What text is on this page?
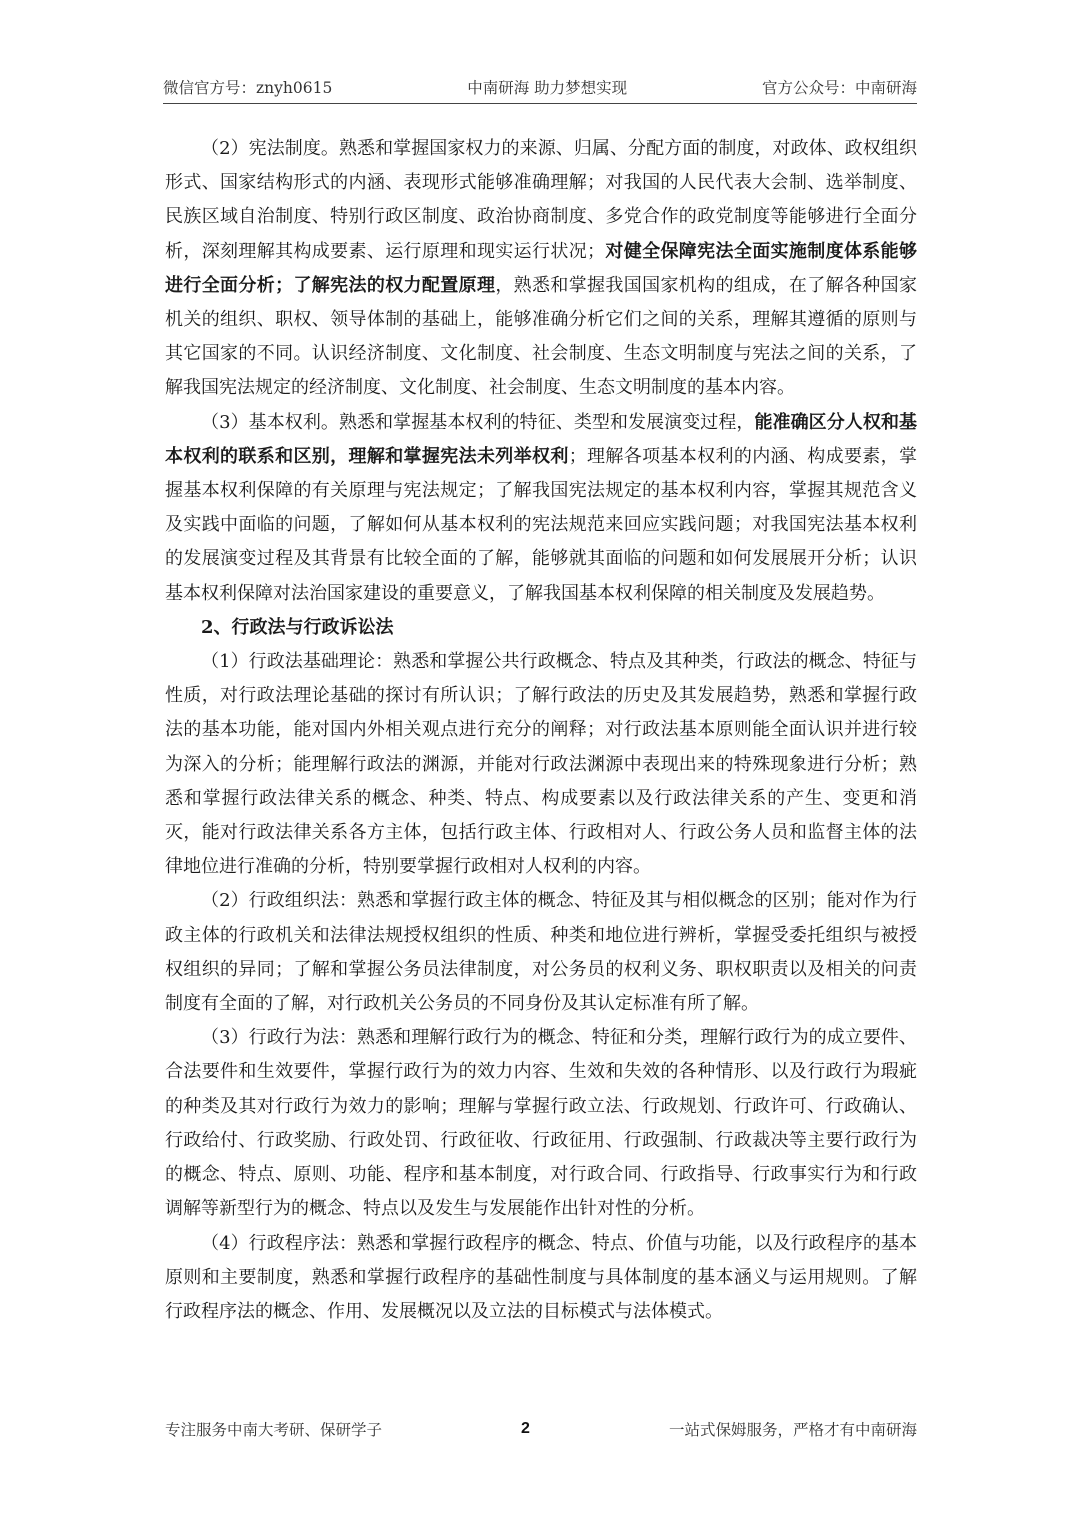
微信官方号：znyh0615	中南研海 助力梦想实现	官方公众号：中南研海

（2）宪法制度。熟悉和掌握国家权力的来源、归属、分配方面的制度，对政体、政权组织形式、国家结构形式的内涵、表现形式能够准确理解；对我国的人民代表大会制、选举制度、民族区域自治制度、特别行政区制度、政治协商制度、多党合作的政党制度等能够进行全面分析，深刻理解其构成要素、运行原理和现实运行状况；对健全保障宪法全面实施制度体系能够进行全面分析；了解宪法的权力配置原理，熟悉和掌握我国国家机构的组成，在了解各种国家机关的组织、职权、领导体制的基础上，能够准确分析它们之间的关系，理解其遵循的原则与其它国家的不同。认识经济制度、文化制度、社会制度、生态文明制度与宪法之间的关系，了解我国宪法规定的经济制度、文化制度、社会制度、生态文明制度的基本内容。

（3）基本权利。熟悉和掌握基本权利的特征、类型和发展演变过程，能准确区分人权和基本权利的联系和区别，理解和掌握宪法未列举权利；理解各项基本权利的内涵、构成要素，掌握基本权利保障的有关原理与宪法规定；了解我国宪法规定的基本权利内容，掌握其规范含义及实践中面临的问题，了解如何从基本权利的宪法规范来回应实践问题；对我国宪法基本权利的发展演变过程及其背景有比较全面的了解，能够就其面临的问题和如何发展展开分析；认识基本权利保障对法治国家建设的重要意义，了解我国基本权利保障的相关制度及发展趋势。

2、行政法与行政诉讼法

（1）行政法基础理论：熟悉和掌握公共行政概念、特点及其种类，行政法的概念、特征与性质，对行政法理论基础的探讨有所认识；了解行政法的历史及其发展趋势，熟悉和掌握行政法的基本功能，能对国内外相关观点进行充分的阐释；对行政法基本原则能全面认识并进行较为深入的分析；能理解行政法的渊源，并能对行政法渊源中表现出来的特殊现象进行分析；熟悉和掌握行政法律关系的概念、种类、特点、构成要素以及行政法律关系的产生、变更和消灭，能对行政法律关系各方主体，包括行政主体、行政相对人、行政公务人员和监督主体的法律地位进行准确的分析，特别要掌握行政相对人权利的内容。

（2）行政组织法：熟悉和掌握行政主体的概念、特征及其与相似概念的区别；能对作为行政主体的行政机关和法律法规授权组织的性质、种类和地位进行辨析，掌握受委托组织与被授权组织的异同；了解和掌握公务员法律制度，对公务员的权利义务、职权职责以及相关的问责制度有全面的了解，对行政机关公务员的不同身份及其认定标准有所了解。

（3）行政行为法：熟悉和理解行政行为的概念、特征和分类，理解行政行为的成立要件、合法要件和生效要件，掌握行政行为的效力内容、生效和失效的各种情形、以及行政行为瑕疵的种类及其对行政行为效力的影响；理解与掌握行政立法、行政规划、行政许可、行政确认、行政给付、行政奖励、行政处罚、行政征收、行政征用、行政强制、行政裁决等主要行政行为的概念、特点、原则、功能、程序和基本制度，对行政合同、行政指导、行政事实行为和行政调解等新型行为的概念、特点以及发生与发展能作出针对性的分析。

（4）行政程序法：熟悉和掌握行政程序的概念、特点、价值与功能，以及行政程序的基本原则和主要制度，熟悉和掌握行政程序的基础性制度与具体制度的基本涵义与运用规则。了解行政程序法的概念、作用、发展概况以及立法的目标模式与法体模式。

专注服务中南大考研、保研学子	2	一站式保姆服务，严格才有中南研海
